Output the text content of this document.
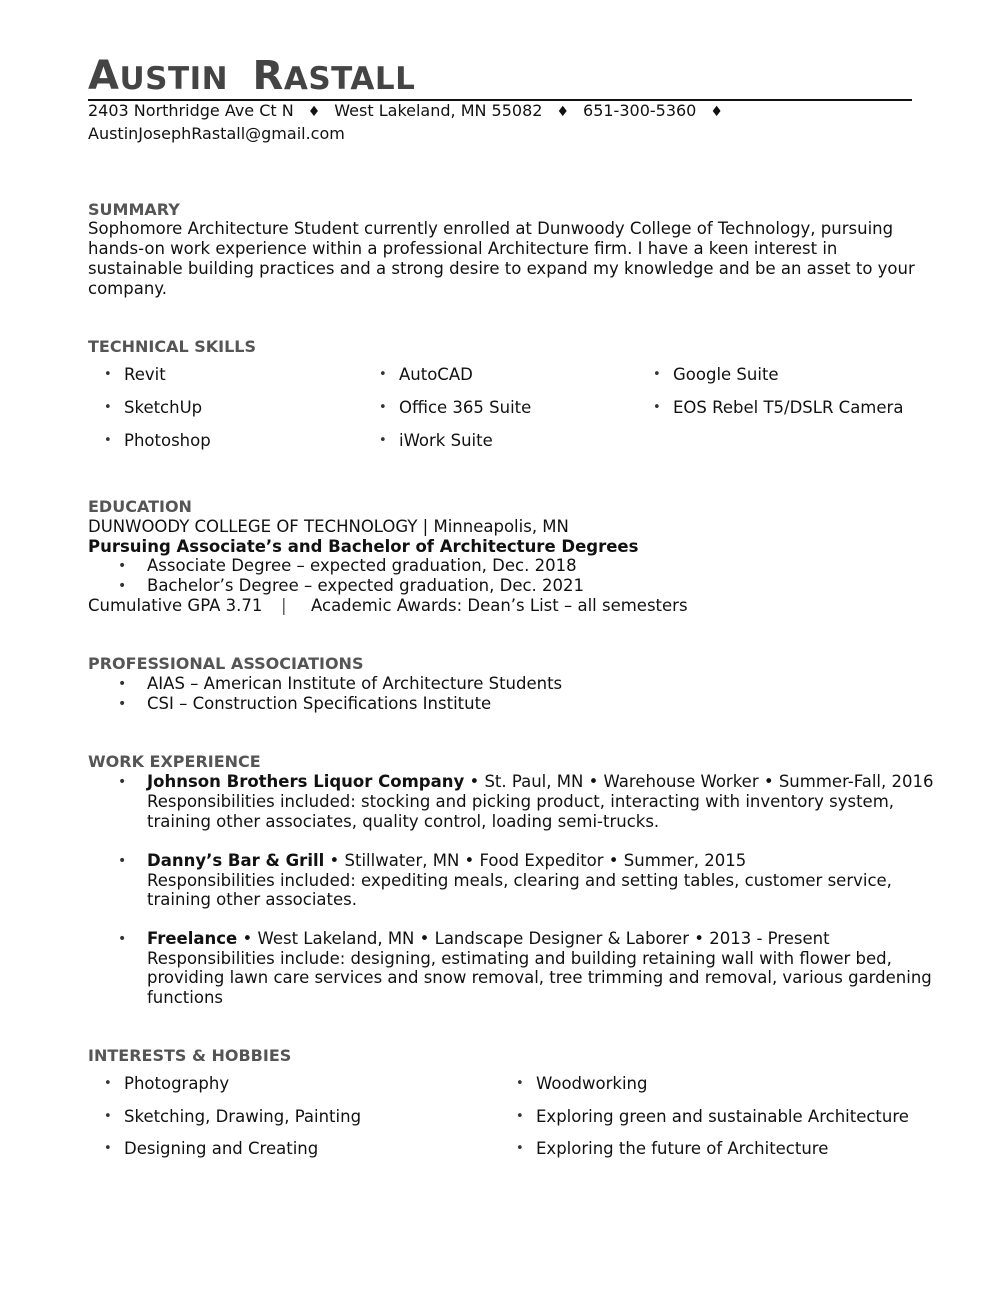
AUSTIN RASTALL
2403 Northridge Ave Ct N ♦ West Lakeland, MN 55082 ♦ 651-300-5360 ♦
AustinJosephRastall@gmail.com
SUMMARY
Sophomore Architecture Student currently enrolled at Dunwoody College of Technology, pursuing hands-on work experience within a professional Architecture firm. I have a keen interest in sustainable building practices and a strong desire to expand my knowledge and be an asset to your company.
TECHNICAL SKILLS
• Revit
• SketchUp
• Photoshop
• AutoCAD
• Office 365 Suite
• iWork Suite
• Google Suite
• EOS Rebel T5/DSLR Camera
EDUCATION
DUNWOODY COLLEGE OF TECHNOLOGY | Minneapolis, MN
Pursuing Associate’s and Bachelor of Architecture Degrees
• Associate Degree – expected graduation, Dec. 2018
• Bachelor’s Degree – expected graduation, Dec. 2021
Cumulative GPA 3.71 | Academic Awards: Dean’s List – all semesters
PROFESSIONAL ASSOCIATIONS
• AIAS – American Institute of Architecture Students
• CSI – Construction Specifications Institute
WORK EXPERIENCE
• Johnson Brothers Liquor Company • St. Paul, MN • Warehouse Worker • Summer-Fall, 2016
Responsibilities included: stocking and picking product, interacting with inventory system,
training other associates, quality control, loading semi-trucks.
• Danny’s Bar & Grill • Stillwater, MN • Food Expeditor • Summer, 2015
Responsibilities included: expediting meals, clearing and setting tables, customer service,
training other associates.
• Freelance • West Lakeland, MN • Landscape Designer & Laborer • 2013 - Present
Responsibilities include: designing, estimating and building retaining wall with flower bed,
providing lawn care services and snow removal, tree trimming and removal, various gardening
functions
INTERESTS & HOBBIES
• Photography
• Sketching, Drawing, Painting
• Designing and Creating
• Woodworking
• Exploring green and sustainable Architecture
• Exploring the future of Architecture
